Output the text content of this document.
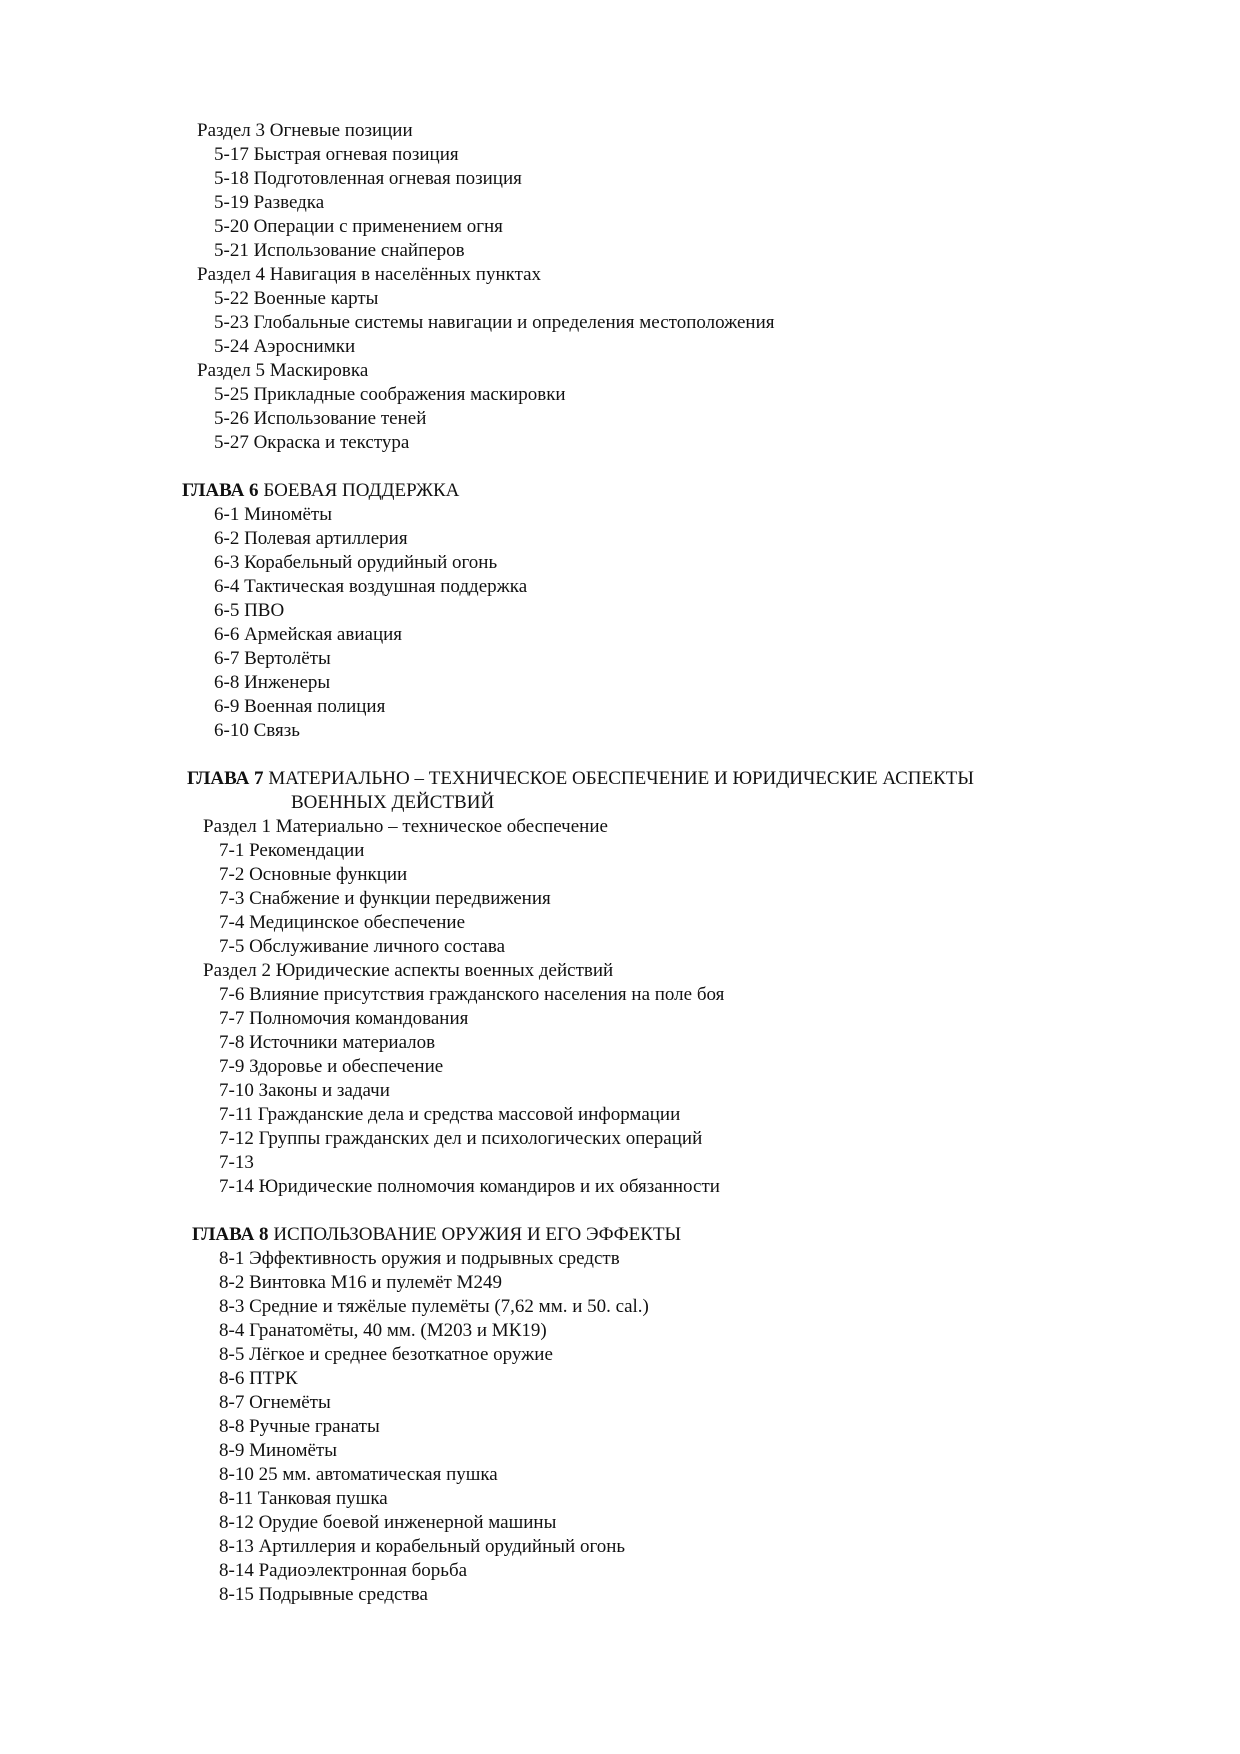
Раздел 3 Огневые позиции
5-17 Быстрая огневая позиция
5-18 Подготовленная огневая позиция
5-19 Разведка
5-20 Операции с применением огня
5-21 Использование снайперов
Раздел 4 Навигация в населённых пунктах
5-22 Военные карты
5-23 Глобальные системы навигации и определения местоположения
5-24 Аэроснимки
Раздел 5 Маскировка
5-25 Прикладные соображения маскировки
5-26 Использование теней
5-27 Окраска и текстура
ГЛАВА 6 БОЕВАЯ ПОДДЕРЖКА
6-1 Миномёты
6-2 Полевая артиллерия
6-3 Корабельный орудийный огонь
6-4 Тактическая воздушная поддержка
6-5 ПВО
6-6 Армейская авиация
6-7 Вертолёты
6-8 Инженеры
6-9 Военная полиция
6-10 Связь
ГЛАВА 7 МАТЕРИАЛЬНО – ТЕХНИЧЕСКОЕ ОБЕСПЕЧЕНИЕ И ЮРИДИЧЕСКИЕ АСПЕКТЫ
ВОЕННЫХ ДЕЙСТВИЙ
Раздел 1 Материально – техническое обеспечение
7-1 Рекомендации
7-2 Основные функции
7-3 Снабжение и функции передвижения
7-4 Медицинское обеспечение
7-5 Обслуживание личного состава
Раздел 2 Юридические аспекты военных действий
7-6 Влияние присутствия гражданского населения на поле боя
7-7 Полномочия командования
7-8 Источники материалов
7-9 Здоровье и обеспечение
7-10 Законы и задачи
7-11 Гражданские дела и средства массовой информации
7-12 Группы гражданских дел и психологических операций
7-13
7-14 Юридические полномочия командиров и их обязанности
ГЛАВА 8 ИСПОЛЬЗОВАНИЕ ОРУЖИЯ И ЕГО ЭФФЕКТЫ
8-1 Эффективность оружия и подрывных средств
8-2 Винтовка М16 и пулемёт М249
8-3 Средние и тяжёлые пулемёты (7,62 мм. и 50. cal.)
8-4 Гранатомёты, 40 мм. (М203 и МК19)
8-5 Лёгкое и среднее безоткатное оружие
8-6 ПТРК
8-7 Огнемёты
8-8 Ручные гранаты
8-9 Миномёты
8-10 25 мм. автоматическая пушка
8-11 Танковая пушка
8-12 Орудие боевой инженерной машины
8-13 Артиллерия и корабельный орудийный огонь
8-14 Радиоэлектронная борьба
8-15 Подрывные средства
